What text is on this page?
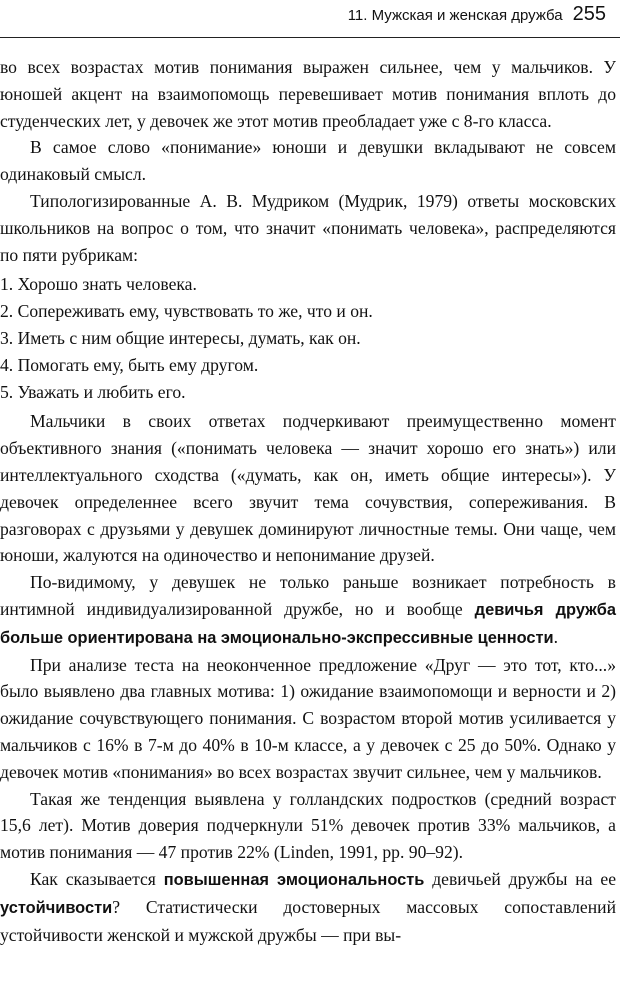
11. Мужская и женская дружба 255

во всех возрастах мотив понимания выражен сильнее, чем у мальчиков. У юношей акцент на взаимопомощь перевешивает мотив понимания вплоть до студенческих лет, у девочек же этот мотив преобладает уже с 8-го класса.

В самое слово «понимание» юноши и девушки вкладывают не совсем одинаковый смысл.

Типологизированные А. В. Мудриком (Мудрик, 1979) ответы московских школьников на вопрос о том, что значит «понимать человека», распределяются по пяти рубрикам:

1. Хорошо знать человека.
2. Сопереживать ему, чувствовать то же, что и он.
3. Иметь с ним общие интересы, думать, как он.
4. Помогать ему, быть ему другом.
5. Уважать и любить его.

Мальчики в своих ответах подчеркивают преимущественно момент объективного знания («понимать человека — значит хорошо его знать») или интеллектуального сходства («думать, как он, иметь общие интересы»). У девочек определеннее всего звучит тема сочувствия, сопереживания. В разговорах с друзьями у девушек доминируют личностные темы. Они чаще, чем юноши, жалуются на одиночество и непонимание друзей.

По-видимому, у девушек не только раньше возникает потребность в интимной индивидуализированной дружбе, но и вообще девичья дружба больше ориентирована на эмоционально-экспрессивные ценности.

При анализе теста на неоконченное предложение «Друг — это тот, кто...» было выявлено два главных мотива: 1) ожидание взаимопомощи и верности и 2) ожидание сочувствующего понимания. С возрастом второй мотив усиливается у мальчиков с 16% в 7-м до 40% в 10-м классе, а у девочек с 25 до 50%. Однако у девочек мотив «понимания» во всех возрастах звучит сильнее, чем у мальчиков.

Такая же тенденция выявлена у голландских подростков (средний возраст 15,6 лет). Мотив доверия подчеркнули 51% девочек против 33% мальчиков, а мотив понимания — 47 против 22% (Linden, 1991, pp. 90–92).

Как сказывается повышенная эмоциональность девичьей дружбы на ее устойчивости? Статистически достоверных массовых сопоставлений устойчивости женской и мужской дружбы — при вы-
